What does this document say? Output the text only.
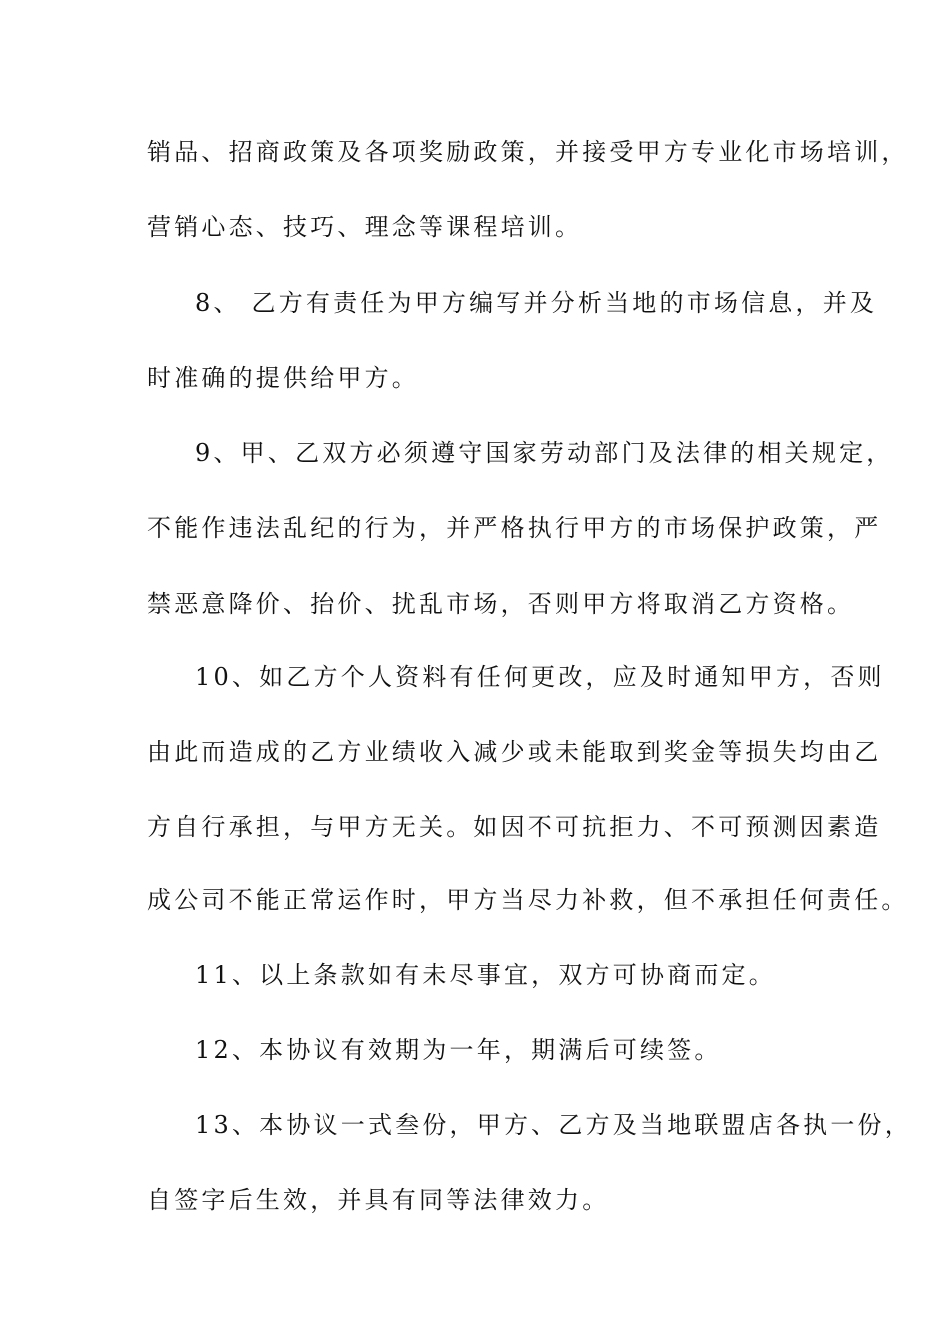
销品、招商政策及各项奖励政策，并接受甲方专业化市场培训，
营销心态、技巧、理念等课程培训。
8、 乙方有责任为甲方编写并分析当地的市场信息，并及
时准确的提供给甲方。
9、甲、乙双方必须遵守国家劳动部门及法律的相关规定，
不能作违法乱纪的行为，并严格执行甲方的市场保护政策，严
禁恶意降价、抬价、扰乱市场，否则甲方将取消乙方资格。
10、如乙方个人资料有任何更改，应及时通知甲方，否则
由此而造成的乙方业绩收入减少或未能取到奖金等损失均由乙
方自行承担，与甲方无关。如因不可抗拒力、不可预测因素造
成公司不能正常运作时，甲方当尽力补救，但不承担任何责任。
11、以上条款如有未尽事宜，双方可协商而定。
12、本协议有效期为一年，期满后可续签。
13、本协议一式叁份，甲方、乙方及当地联盟店各执一份，
自签字后生效，并具有同等法律效力。
